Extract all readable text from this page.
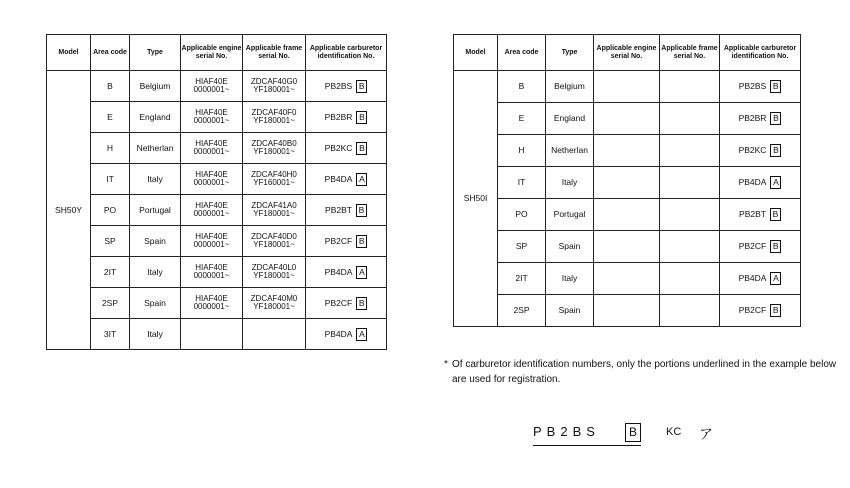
Model	Area code	Type	Applicable engine serial No.	Applicable frame serial No.	Applicable carburetor identification No.
SH50Y	B	Belgium	HIAF40E 0000001~	ZDCAF40G0 YF180001~	PB2BS B
	E	England	HIAF40E 0000001~	ZDCAF40F0 YF180001~	PB2BR B
	H	Netherlan	HIAF40E 0000001~	ZDCAF40B0 YF180001~	PB2KC B
	IT	Italy	HIAF40E 0000001~	ZDCAF40H0 YF160001~	PB4DA A
	PO	Portugal	HIAF40E 0000001~	ZDCAF41A0 YF180001~	PB2BT B
	SP	Spain	HIAF40E 0000001~	ZDCAF40D0 YF180001~	PB2CF B
	2IT	Italy	HIAF40E 0000001~	ZDCAF40L0 YF180001~	PB4DA A
	2SP	Spain	HIAF40E 0000001~	ZDCAF40M0 YF180001~	PB2CF B
	3IT	Italy			PB4DA A
Model	Area code	Type	Applicable engine serial No.	Applicable frame serial No.	Applicable carburetor identification No.
SH50I	B	Belgium			PB2BS B
	E	England			PB2BR B
	H	Netherlan			PB2KC B
	IT	Italy			PB4DA A
	PO	Portugal			PB2BT B
	SP	Spain			PB2CF B
	2IT	Italy			PB4DA A
	2SP	Spain			PB2CF B
* Of carburetor identification numbers, only the portions underlined in the example below are used for registration.
PB2BS	B	KC ア
